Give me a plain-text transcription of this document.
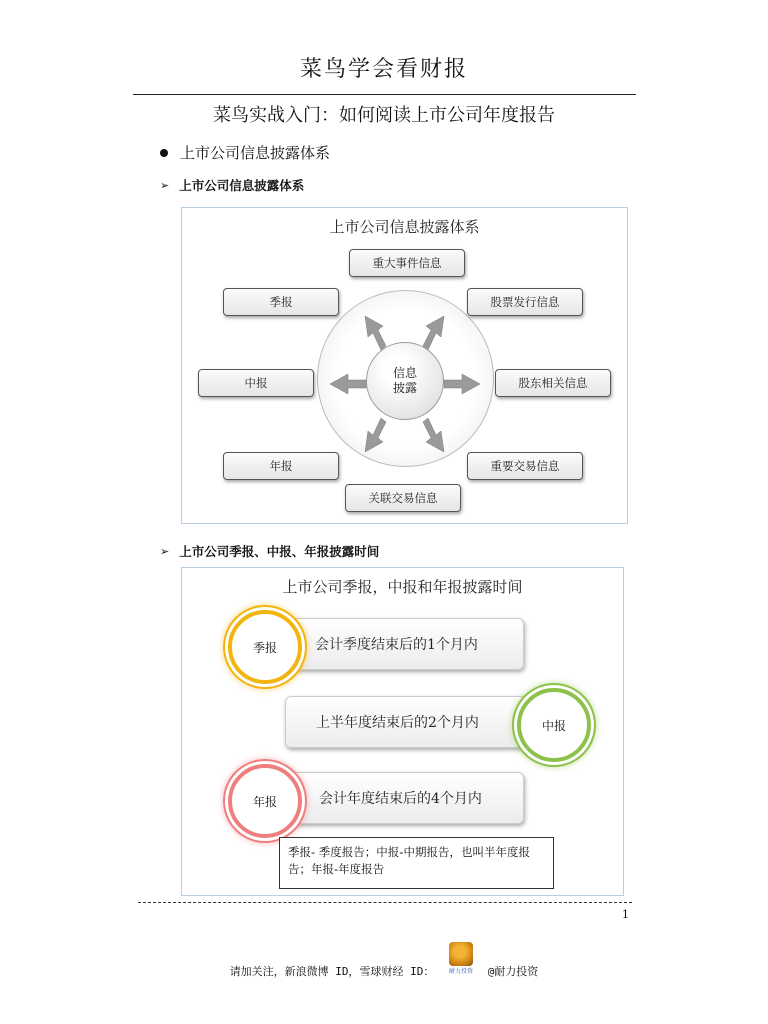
菜鸟学会看财报
菜鸟实战入门：如何阅读上市公司年度报告
上市公司信息披露体系
➢ 上市公司信息披露体系
上市公司信息披露体系
信息
披露
重大事件信息
季报	股票发行信息
中报	股东相关信息
年报	重要交易信息
关联交易信息
➢ 上市公司季报、中报、年报披露时间
上市公司季报，中报和年报披露时间
会计季度结束后的1个月内
季报
上半年度结束后的2个月内	中报
会计年度结束后的4个月内
年报
季报- 季度报告；中报-中期报告，也叫半年度报告；年报-年度报告
1
请加关注，新浪微博 ID，雪球财经 ID： 耐力投资 @耐力投资
